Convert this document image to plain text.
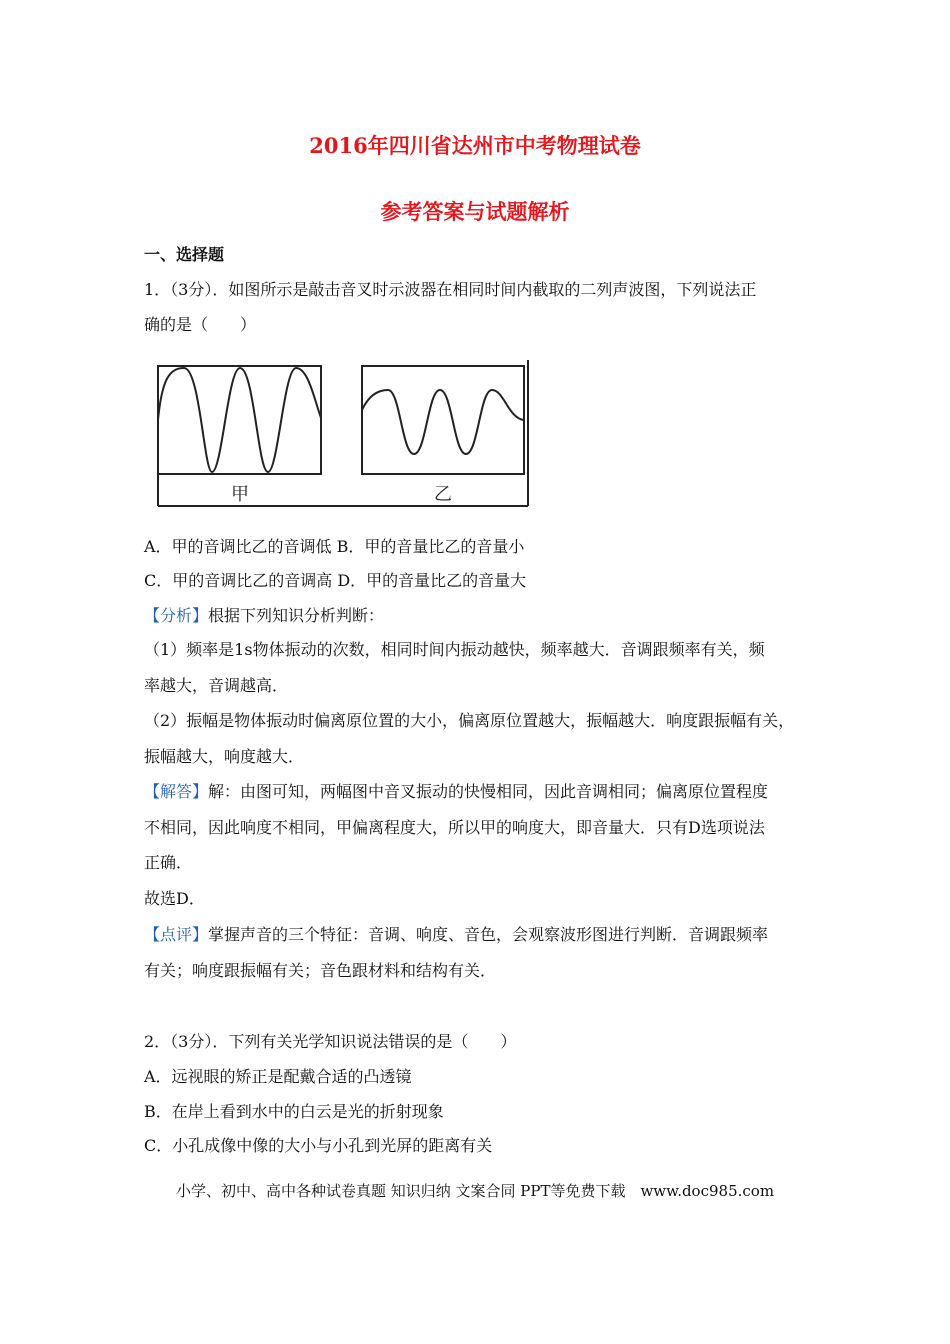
2016年四川省达州市中考物理试卷
参考答案与试题解析
一、选择题
1．（3分）．如图所示是敲击音叉时示波器在相同时间内截取的二列声波图，下列说法正
确的是（　　）
甲	乙
A．甲的音调比乙的音调低 B．甲的音量比乙的音量小
C．甲的音调比乙的音调高 D．甲的音量比乙的音量大
【分析】根据下列知识分析判断：
（1）频率是1s物体振动的次数，相同时间内振动越快，频率越大．音调跟频率有关，频
率越大，音调越高．
（2）振幅是物体振动时偏离原位置的大小，偏离原位置越大，振幅越大．响度跟振幅有关，
振幅越大，响度越大．
【解答】解：由图可知，两幅图中音叉振动的快慢相同，因此音调相同；偏离原位置程度
不相同，因此响度不相同，甲偏离程度大，所以甲的响度大，即音量大．只有D选项说法
正确．
故选D．
【点评】掌握声音的三个特征：音调、响度、音色，会观察波形图进行判断．音调跟频率
有关；响度跟振幅有关；音色跟材料和结构有关．
2．（3分）．下列有关光学知识说法错误的是（　　）
A．远视眼的矫正是配戴合适的凸透镜
B．在岸上看到水中的白云是光的折射现象
C．小孔成像中像的大小与小孔到光屏的距离有关
小学、初中、高中各种试卷真题 知识归纳 文案合同 PPT等免费下载　www.doc985.com
